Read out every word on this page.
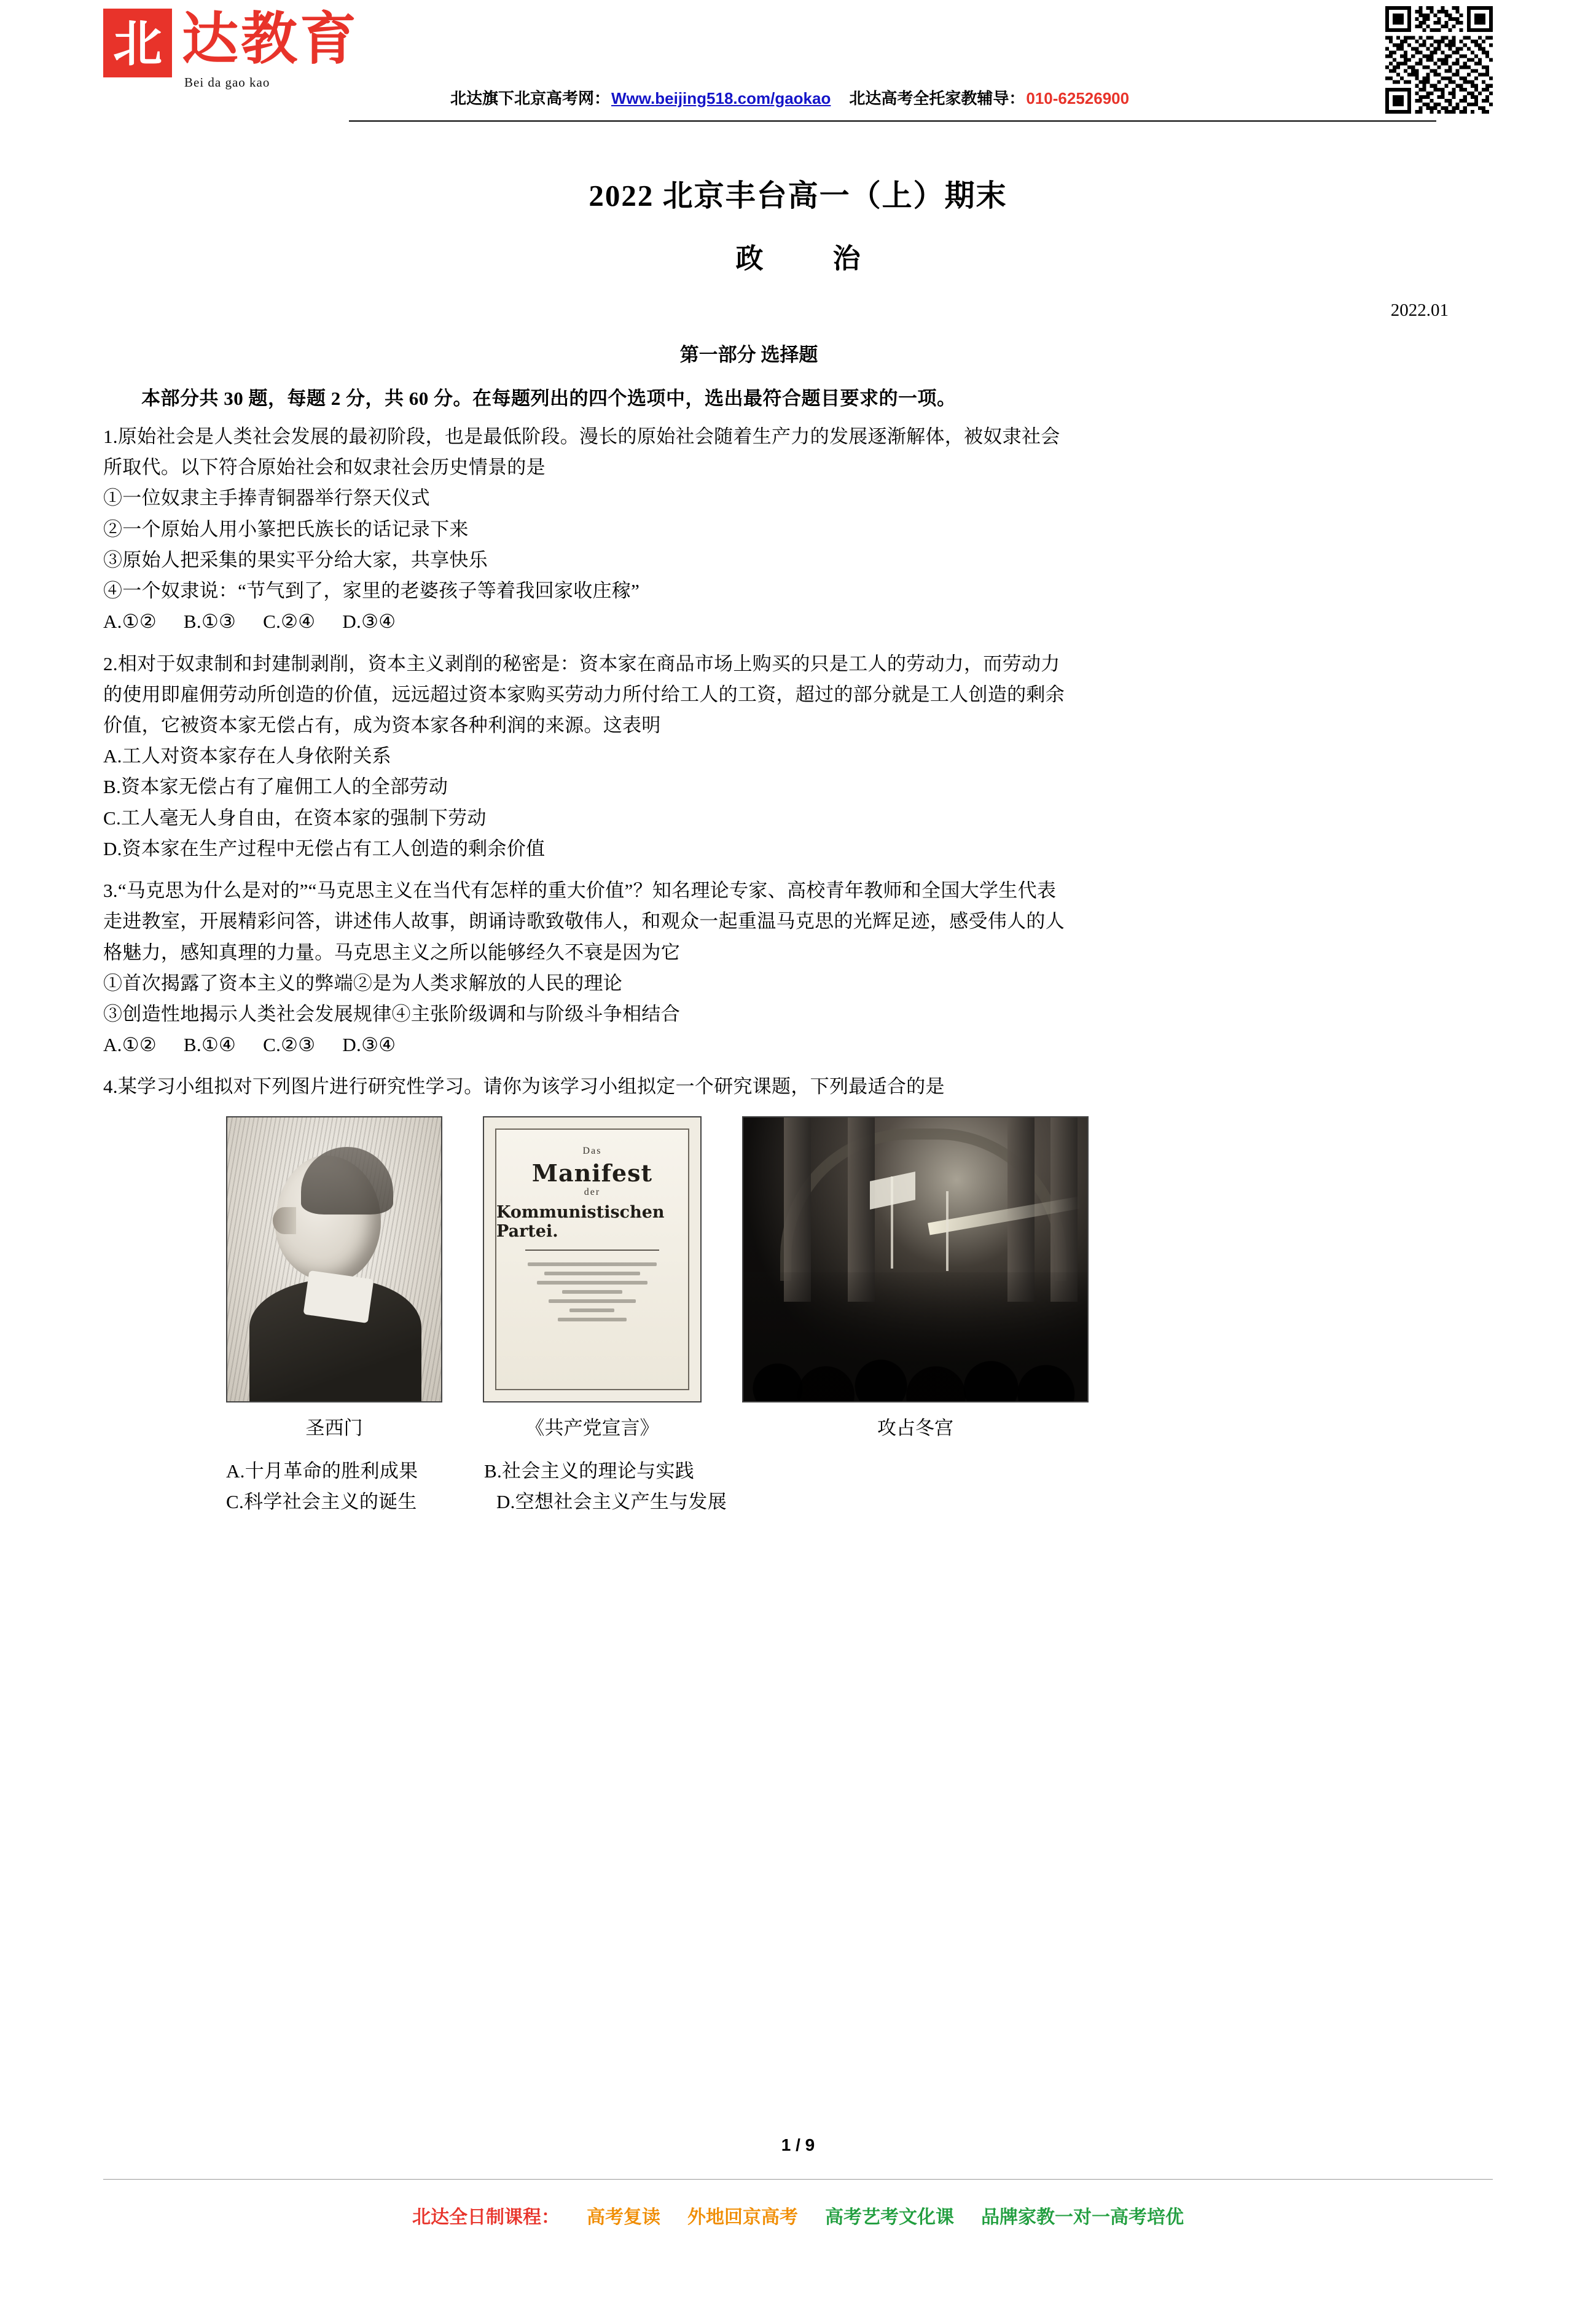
北 达教育
Bei da gao kao
北达旗下北京高考网：Www.beijing518.com/gaokao 北达高考全托家教辅导：010-62526900
2022 北京丰台高一（上）期末
政　治
2022.01
第一部分 选择题
本部分共 30 题，每题 2 分，共 60 分。在每题列出的四个选项中，选出最符合题目要求的一项。

1.原始社会是人类社会发展的最初阶段，也是最低阶段。漫长的原始社会随着生产力的发展逐渐解体，被奴隶社会

所取代。以下符合原始社会和奴隶社会历史情景的是

①一位奴隶主手捧青铜器举行祭天仪式

②一个原始人用小篆把氏族长的话记录下来

③原始人把采集的果实平分给大家，共享快乐

④一个奴隶说：“节气到了，家里的老婆孩子等着我回家收庄稼”

A.①② B.①③ C.②④ D.③④

2.相对于奴隶制和封建制剥削，资本主义剥削的秘密是：资本家在商品市场上购买的只是工人的劳动力，而劳动力

的使用即雇佣劳动所创造的价值，远远超过资本家购买劳动力所付给工人的工资，超过的部分就是工人创造的剩余

价值，它被资本家无偿占有，成为资本家各种利润的来源。这表明

A.工人对资本家存在人身依附关系

B.资本家无偿占有了雇佣工人的全部劳动

C.工人毫无人身自由，在资本家的强制下劳动

D.资本家在生产过程中无偿占有工人创造的剩余价值

3.“马克思为什么是对的”“马克思主义在当代有怎样的重大价值”？知名理论专家、高校青年教师和全国大学生代表

走进教室，开展精彩问答，讲述伟人故事，朗诵诗歌致敬伟人，和观众一起重温马克思的光辉足迹，感受伟人的人

格魅力，感知真理的力量。马克思主义之所以能够经久不衰是因为它

①首次揭露了资本主义的弊端②是为人类求解放的人民的理论

③创造性地揭示人类社会发展规律④主张阶级调和与阶级斗争相结合

A.①② B.①④ C.②③ D.③④

4.某学习小组拟对下列图片进行研究性学习。请你为该学习小组拟定一个研究课题，下列最适合的是

圣西门
Das
Manifest
der
Kommunistischen Partei.
《共产党宣言》	攻占冬宫

A.十月革命的胜利成果	B.社会主义的理论与实践

C.科学社会主义的诞生	D.空想社会主义产生与发展

1 / 9
北达全日制课程： 高考复读 外地回京高考 高考艺考文化课 品牌家教一对一高考培优
